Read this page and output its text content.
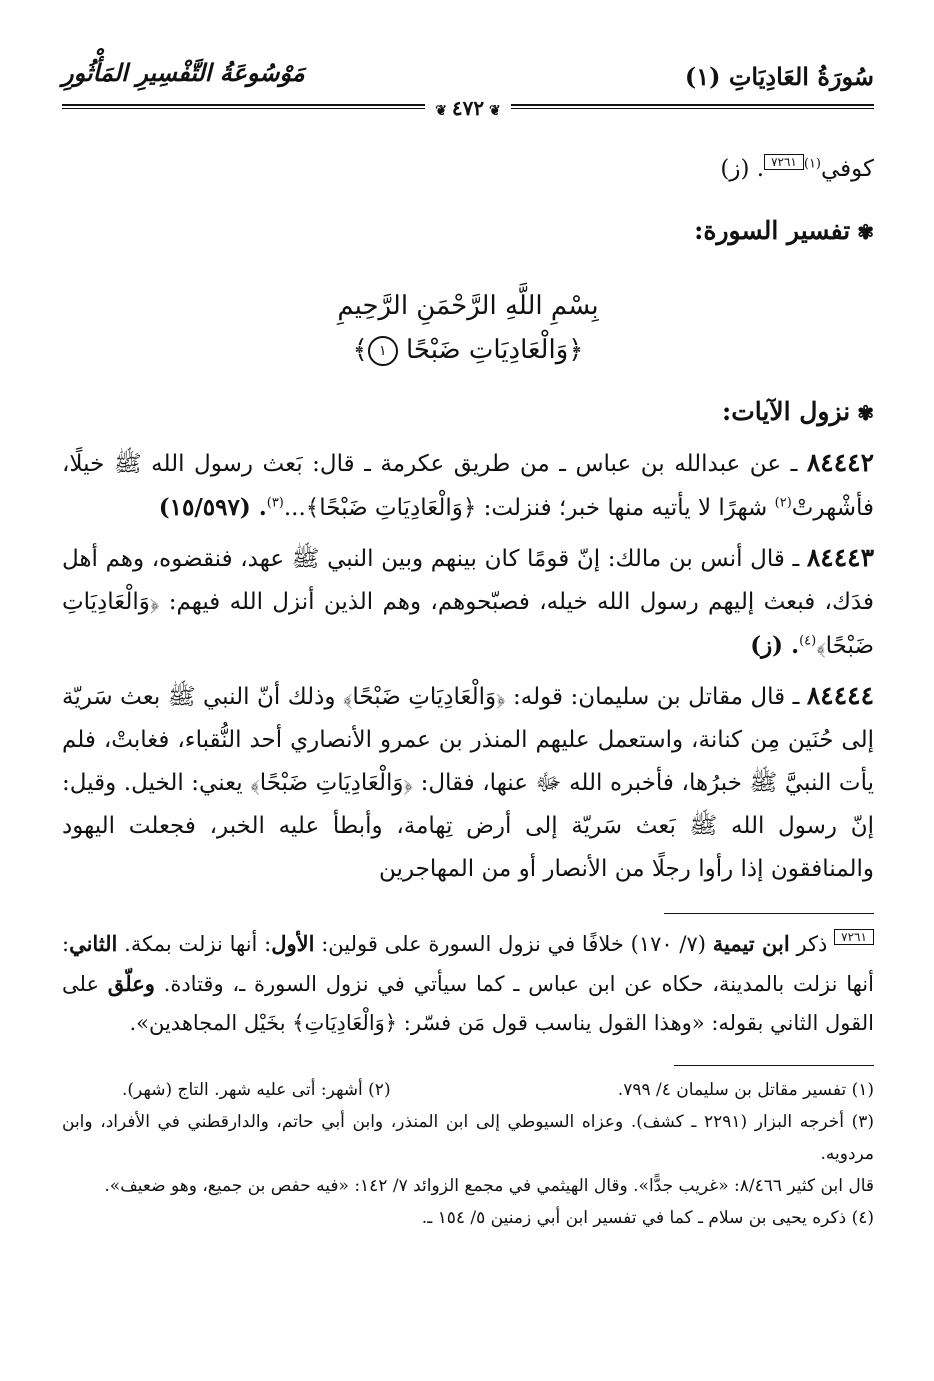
سُورَةُ العَادِيَاتِ (١)
مَوْسُوعَةُ التَّفْسِيرِ المَأْثُورِ
❦ ٤٧٢ ❦
كوفي$^{(١)}$٧٢٦١. (ز)
✾ تفسير السورة:
بِسْمِ اللَّهِ الرَّحْمَنِ الرَّحِيمِ
﴿وَالْعَادِيَاتِ ضَبْحًا ١﴾
✾ نزول الآيات:
٨٤٤٤٢ ـ عن عبدالله بن عباس ـ من طريق عكرمة ـ قال: بَعث رسول الله ﷺ خيلًا، فأشْهرتْ$^{(٢)}$ شهرًا لا يأتيه منها خبر؛ فنزلت: ﴿وَالْعَادِيَاتِ ضَبْحًا﴾...$^{(٣)}$. (١٥/٥٩٧)
٨٤٤٤٣ ـ قال أنس بن مالك: إنّ قومًا كان بينهم وبين النبي ﷺ عهد، فنقضوه، وهم أهل فدَك، فبعث إليهم رسول الله خيله، فصبّحوهم، وهم الذين أنزل الله فيهم: ﴿وَالْعَادِيَاتِ ضَبْحًا﴾$^{(٤)}$. (ز)
٨٤٤٤٤ ـ قال مقاتل بن سليمان: قوله: ﴿وَالْعَادِيَاتِ ضَبْحًا﴾ وذلك أنّ النبي ﷺ بعث سَريّة إلى حُنَين مِن كنانة، واستعمل عليهم المنذر بن عمرو الأنصاري أحد النُّقباء، فغابتْ، فلم يأت النبيَّ ﷺ خبرُها، فأخبره الله ﷻ عنها، فقال: ﴿وَالْعَادِيَاتِ ضَبْحًا﴾ يعني: الخيل. وقيل: إنّ رسول الله ﷺ بَعث سَريّة إلى أرض تِهامة، وأبطأ عليه الخبر، فجعلت اليهود والمنافقون إذا رأوا رجلًا من الأنصار أو من المهاجرين
٧٢٦١ ذكر ابن تيمية (٧/ ١٧٠) خلافًا في نزول السورة على قولين: الأول: أنها نزلت بمكة. الثاني: أنها نزلت بالمدينة، حكاه عن ابن عباس ـ كما سيأتي في نزول السورة ـ، وقتادة. وعلّق على القول الثاني بقوله: «وهذا القول يناسب قول مَن فسّر: ﴿وَالْعَادِيَاتِ﴾ بخَيْل المجاهدين».
(١) تفسير مقاتل بن سليمان ٤/ ٧٩٩.
(٢) أشهر: أتى عليه شهر. التاج (شهر).
(٣) أخرجه البزار (٢٢٩١ ـ كشف). وعزاه السيوطي إلى ابن المنذر، وابن أبي حاتم، والدارقطني في الأفراد، وابن مردويه.
قال ابن كثير ٨/٤٦٦: «غريب جدًّا». وقال الهيثمي في مجمع الزوائد ٧/ ١٤٢: «فيه حفص بن جميع، وهو ضعيف».
(٤) ذكره يحيى بن سلام ـ كما في تفسير ابن أبي زمنين ٥/ ١٥٤ ـ.
